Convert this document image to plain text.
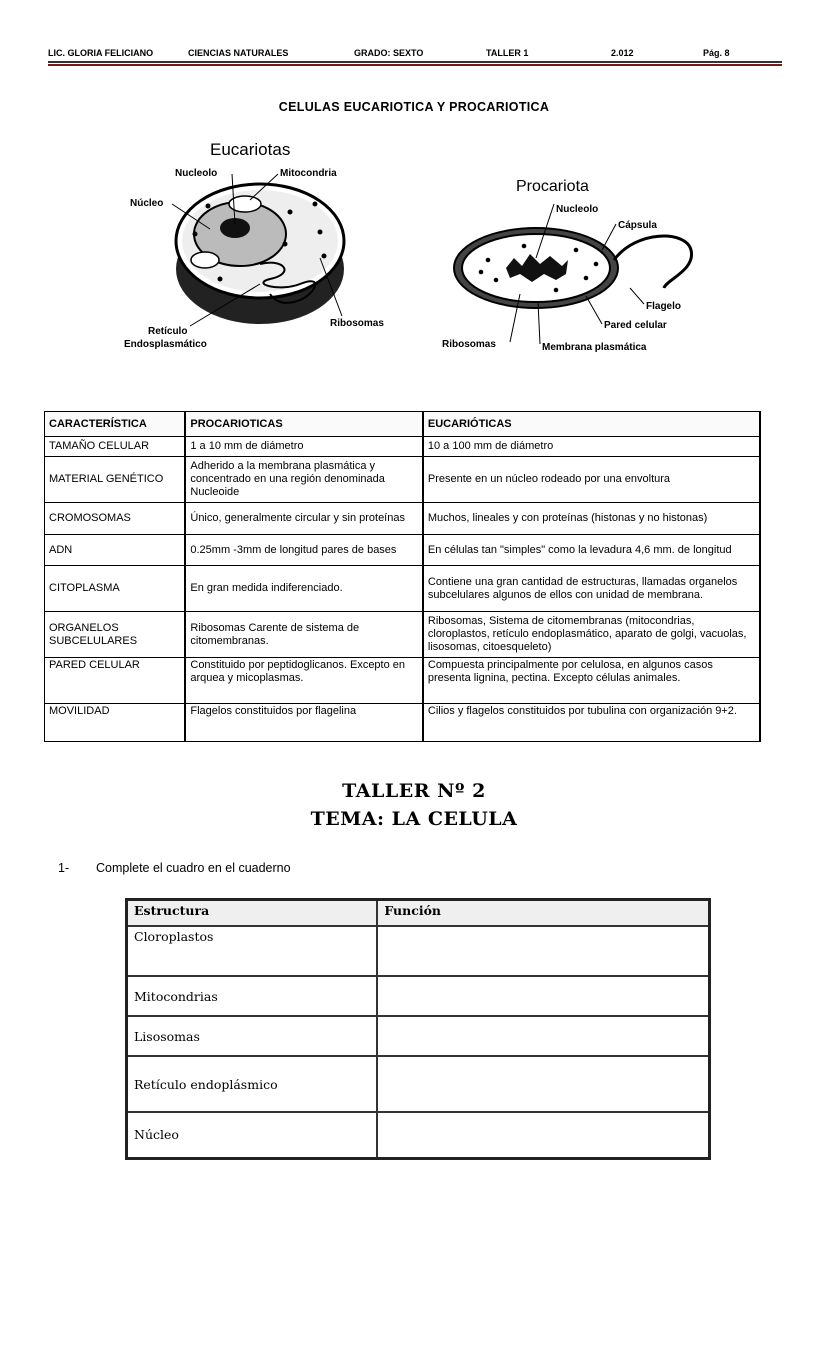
LIC. GLORIA FELICIANO	CIENCIAS NATURALES	GRADO: SEXTO	TALLER 1	2.012	Pág. 8
CELULAS EUCARIOTICA Y PROCARIOTICA
Eucariotas
Nucleolo	Mitocondria
Núcleo
Ribosomas
Retículo
Endosplasmático
Procariota
Nucleolo
Cápsula
Flagelo
Pared celular
Ribosomas	Membrana plasmática
CARACTERÍSTICA	PROCARIOTICAS	EUCARIÓTICAS
TAMAÑO CELULAR	1 a 10 mm de diámetro	10 a 100 mm de diámetro
MATERIAL GENÉTICO	Adherido a la membrana plasmática y concentrado en una región denominada Nucleoide	Presente en un núcleo rodeado por una envoltura
CROMOSOMAS	Único, generalmente circular y sin proteínas	Muchos, lineales y con proteínas (histonas y no histonas)
ADN	0.25mm -3mm de longitud pares de bases	En células tan "simples" como la levadura 4,6 mm. de longitud
CITOPLASMA	En gran medida indiferenciado.	Contiene una gran cantidad de estructuras, llamadas organelos subcelulares algunos de ellos con unidad de membrana.
ORGANELOS SUBCELULARES	Ribosomas Carente de sistema de citomembranas.	Ribosomas, Sistema de citomembranas (mitocondrias, cloroplastos, retículo endoplasmático, aparato de golgi, vacuolas, lisosomas, citoesqueleto)
PARED CELULAR	Constituido por peptidoglicanos. Excepto en arquea y micoplasmas.	Compuesta principalmente por celulosa, en algunos casos presenta lignina, pectina. Excepto células animales.
MOVILIDAD	Flagelos constituidos por flagelina	Cilios y flagelos constituidos por tubulina con organización 9+2.
TALLER Nº 2
TEMA: LA CELULA
1- Complete el cuadro en el cuaderno
Estructura	Función
Cloroplastos	
Mitocondrias	
Lisosomas	
Retículo endoplásmico	
Núcleo	
